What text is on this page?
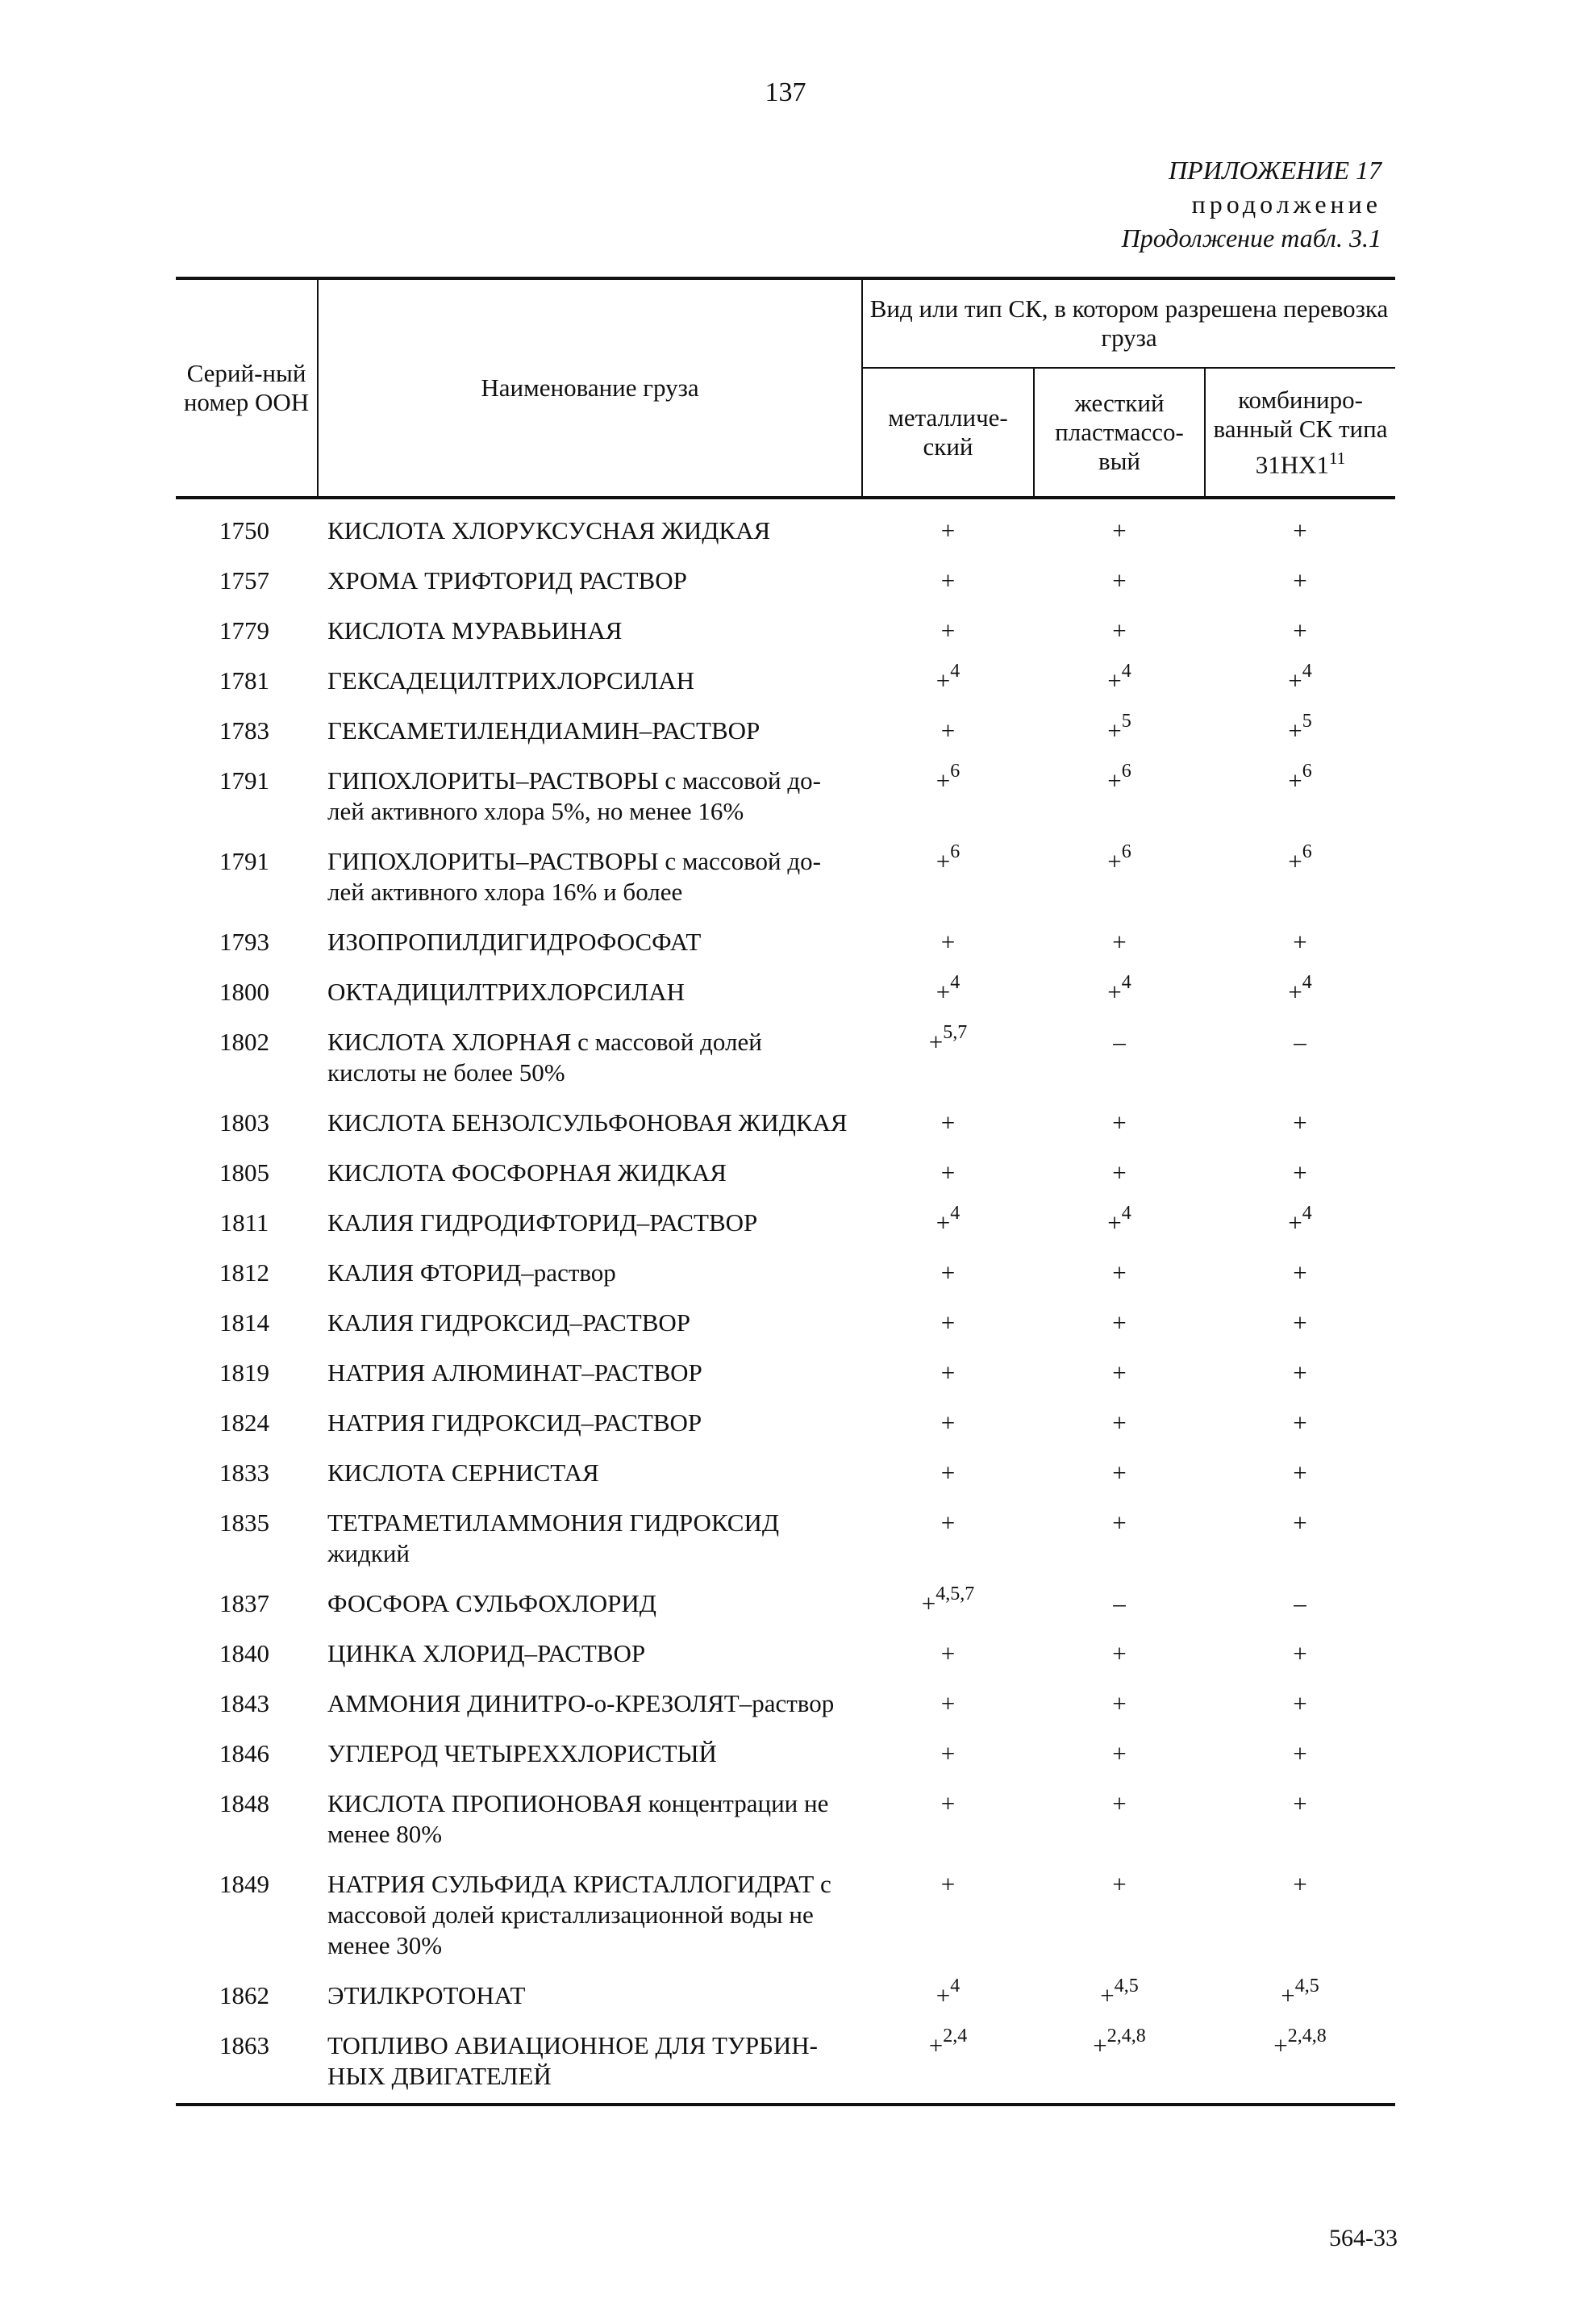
137
ПРИЛОЖЕНИЕ 17
продолжение
Продолжение табл. 3.1
Серий-ный номер ООН	Наименование груза	Вид или тип СК, в котором разрешена перевозка груза		
		металличе-ский	жесткий пластмассо-вый	комбиниро-ванный СК типа $31НХ1^{11}$

1750	КИСЛОТА ХЛОРУКСУСНАЯ ЖИДКАЯ	+	+	+
1757	ХРОМА ТРИФТОРИД РАСТВОР	+	+	+
1779	КИСЛОТА МУРАВЬИНАЯ	+	+	+
1781	ГЕКСАДЕЦИЛТРИХЛОРСИЛАН	+$^4$	+$^4$	+$^4$
1783	ГЕКСАМЕТИЛЕНДИАМИН–РАСТВОР	+	+$^5$	+$^5$
1791	ГИПОХЛОРИТЫ–РАСТВОРЫ с массовой до-лей активного хлора 5%, но менее 16%	+$^6$	+$^6$	+$^6$
1791	ГИПОХЛОРИТЫ–РАСТВОРЫ с массовой до-лей активного хлора 16% и более	+$^6$	+$^6$	+$^6$
1793	ИЗОПРОПИЛДИГИДРОФОСФАТ	+	+	+
1800	ОКТАДИЦИЛТРИХЛОРСИЛАН	+$^4$	+$^4$	+$^4$
1802	КИСЛОТА ХЛОРНАЯ с массовой долей кислоты не более 50%	+$^{5,7}$	–	–
1803	КИСЛОТА БЕНЗОЛСУЛЬФОНОВАЯ ЖИДКАЯ	+	+	+
1805	КИСЛОТА ФОСФОРНАЯ ЖИДКАЯ	+	+	+
1811	КАЛИЯ ГИДРОДИФТОРИД–РАСТВОР	+$^4$	+$^4$	+$^4$
1812	КАЛИЯ ФТОРИД–раствор	+	+	+
1814	КАЛИЯ ГИДРОКСИД–РАСТВОР	+	+	+
1819	НАТРИЯ АЛЮМИНАТ–РАСТВОР	+	+	+
1824	НАТРИЯ ГИДРОКСИД–РАСТВОР	+	+	+
1833	КИСЛОТА СЕРНИСТАЯ	+	+	+
1835	ТЕТРАМЕТИЛАММОНИЯ ГИДРОКСИД жидкий	+	+	+
1837	ФОСФОРА СУЛЬФОХЛОРИД	+$^{4,5,7}$	–	–
1840	ЦИНКА ХЛОРИД–РАСТВОР	+	+	+
1843	АММОНИЯ ДИНИТРО-о-КРЕЗОЛЯТ–раствор	+	+	+
1846	УГЛЕРОД ЧЕТЫРЕХХЛОРИСТЫЙ	+	+	+
1848	КИСЛОТА ПРОПИОНОВАЯ концентрации не менее 80%	+	+	+
1849	НАТРИЯ СУЛЬФИДА КРИСТАЛЛОГИДРАТ с массовой долей кристаллизационной воды не менее 30%	+	+	+
1862	ЭТИЛКРОТОНАТ	+$^4$	+$^{4,5}$	+$^{4,5}$
1863	ТОПЛИВО АВИАЦИОННОЕ ДЛЯ ТУРБИН-НЫХ ДВИГАТЕЛЕЙ	+$^{2,4}$	+$^{2,4,8}$	+$^{2,4,8}$
564-33
